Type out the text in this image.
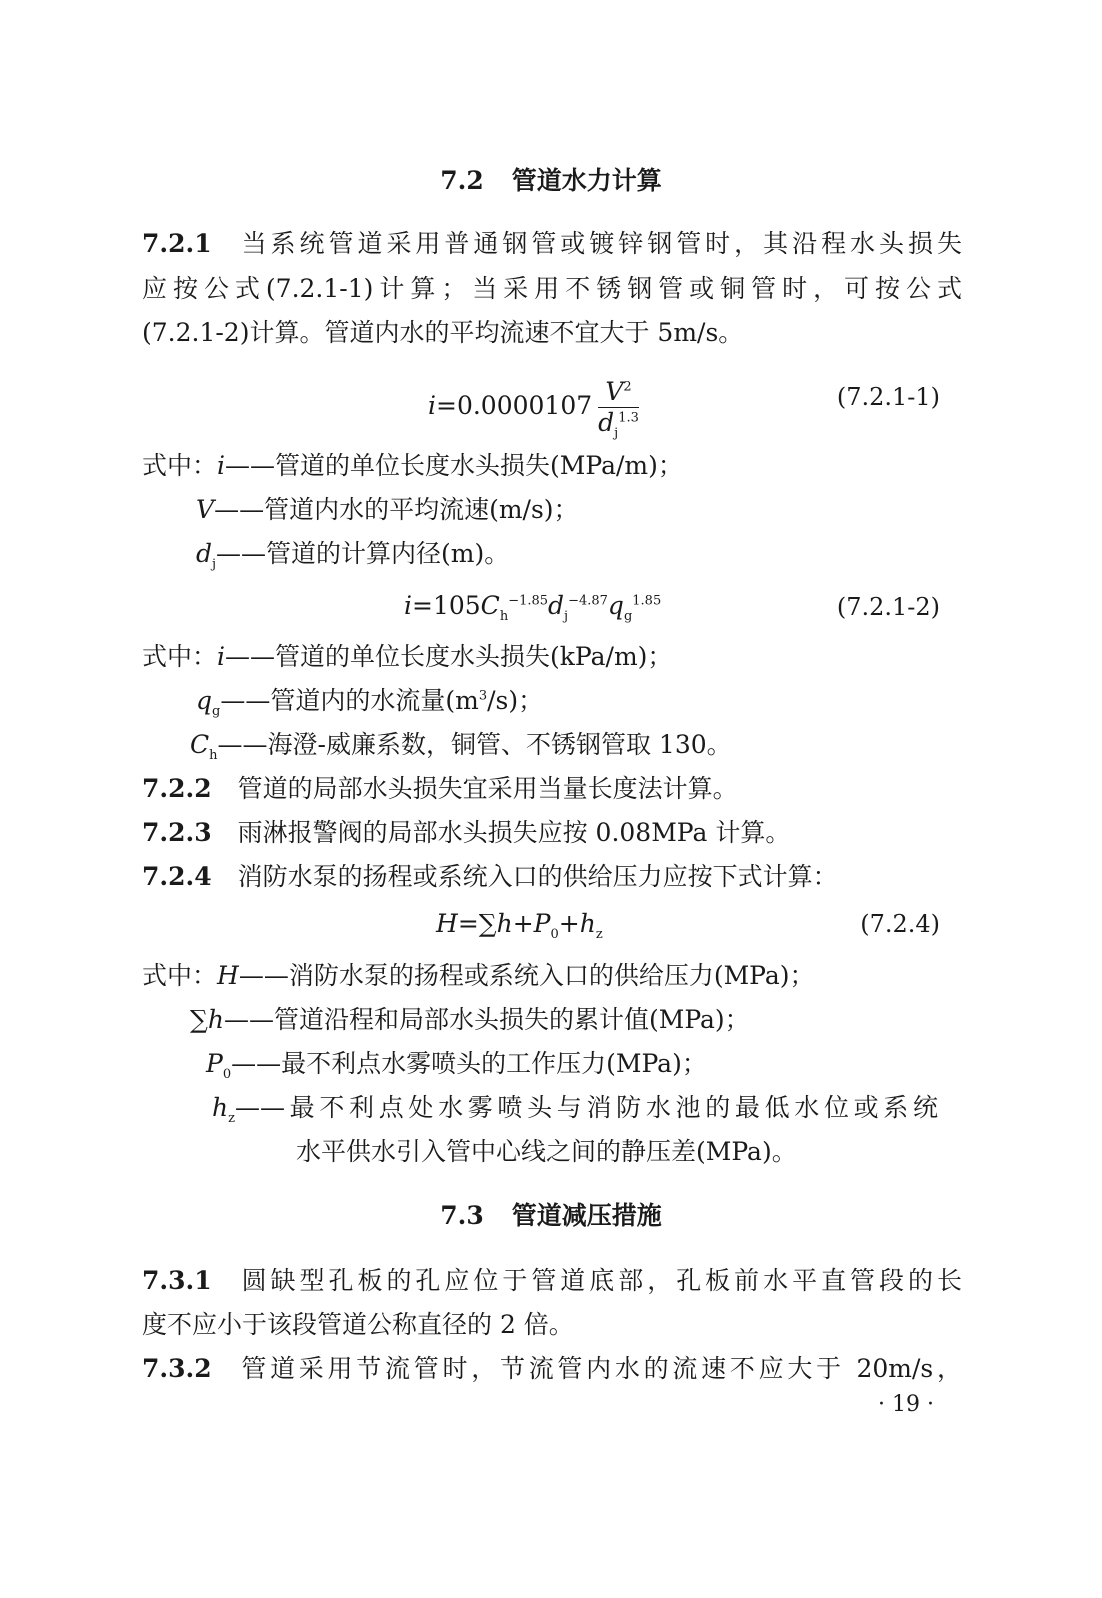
7.2 管道水力计算
7.2.1 当系统管道采用普通钢管或镀锌钢管时，其沿程水头损失
应按公式(7.2.1-1)计算；当采用不锈钢管或铜管时，可按公式
(7.2.1-2)计算。管道内水的平均流速不宜大于 5m/s。
$i=0.0000107 \frac{V^2}{d_j^{1.3}}$	(7.2.1-1)
式中：i——管道的单位长度水头损失(MPa/m)；
V——管道内水的平均流速(m/s)；
$d_j——$管道的计算内径(m)。
$i=105C_h^{-1.85}d_j^{-4.87}q_g^{1.85}$	(7.2.1-2)
式中：i——管道的单位长度水头损失(kPa/m)；
$q_g——$管道内的水流量$(m^3/s)$；
$C_h——$海澄-威廉系数，铜管、不锈钢管取 130。
7.2.2 管道的局部水头损失宜采用当量长度法计算。
7.2.3 雨淋报警阀的局部水头损失应按 0.08MPa 计算。
7.2.4 消防水泵的扬程或系统入口的供给压力应按下式计算：
$H=\sum h+P_0+h_z$	(7.2.4)
式中：H——消防水泵的扬程或系统入口的供给压力(MPa)；
∑h——管道沿程和局部水头损失的累计值(MPa)；
$P_0——$最不利点水雾喷头的工作压力(MPa)；
$h_z——$最不利点处水雾喷头与消防水池的最低水位或系统
水平供水引入管中心线之间的静压差(MPa)。
7.3 管道减压措施
7.3.1 圆缺型孔板的孔应位于管道底部，孔板前水平直管段的长
度不应小于该段管道公称直径的 2 倍。
7.3.2 管道采用节流管时，节流管内水的流速不应大于 20m/s，
· 19 ·
